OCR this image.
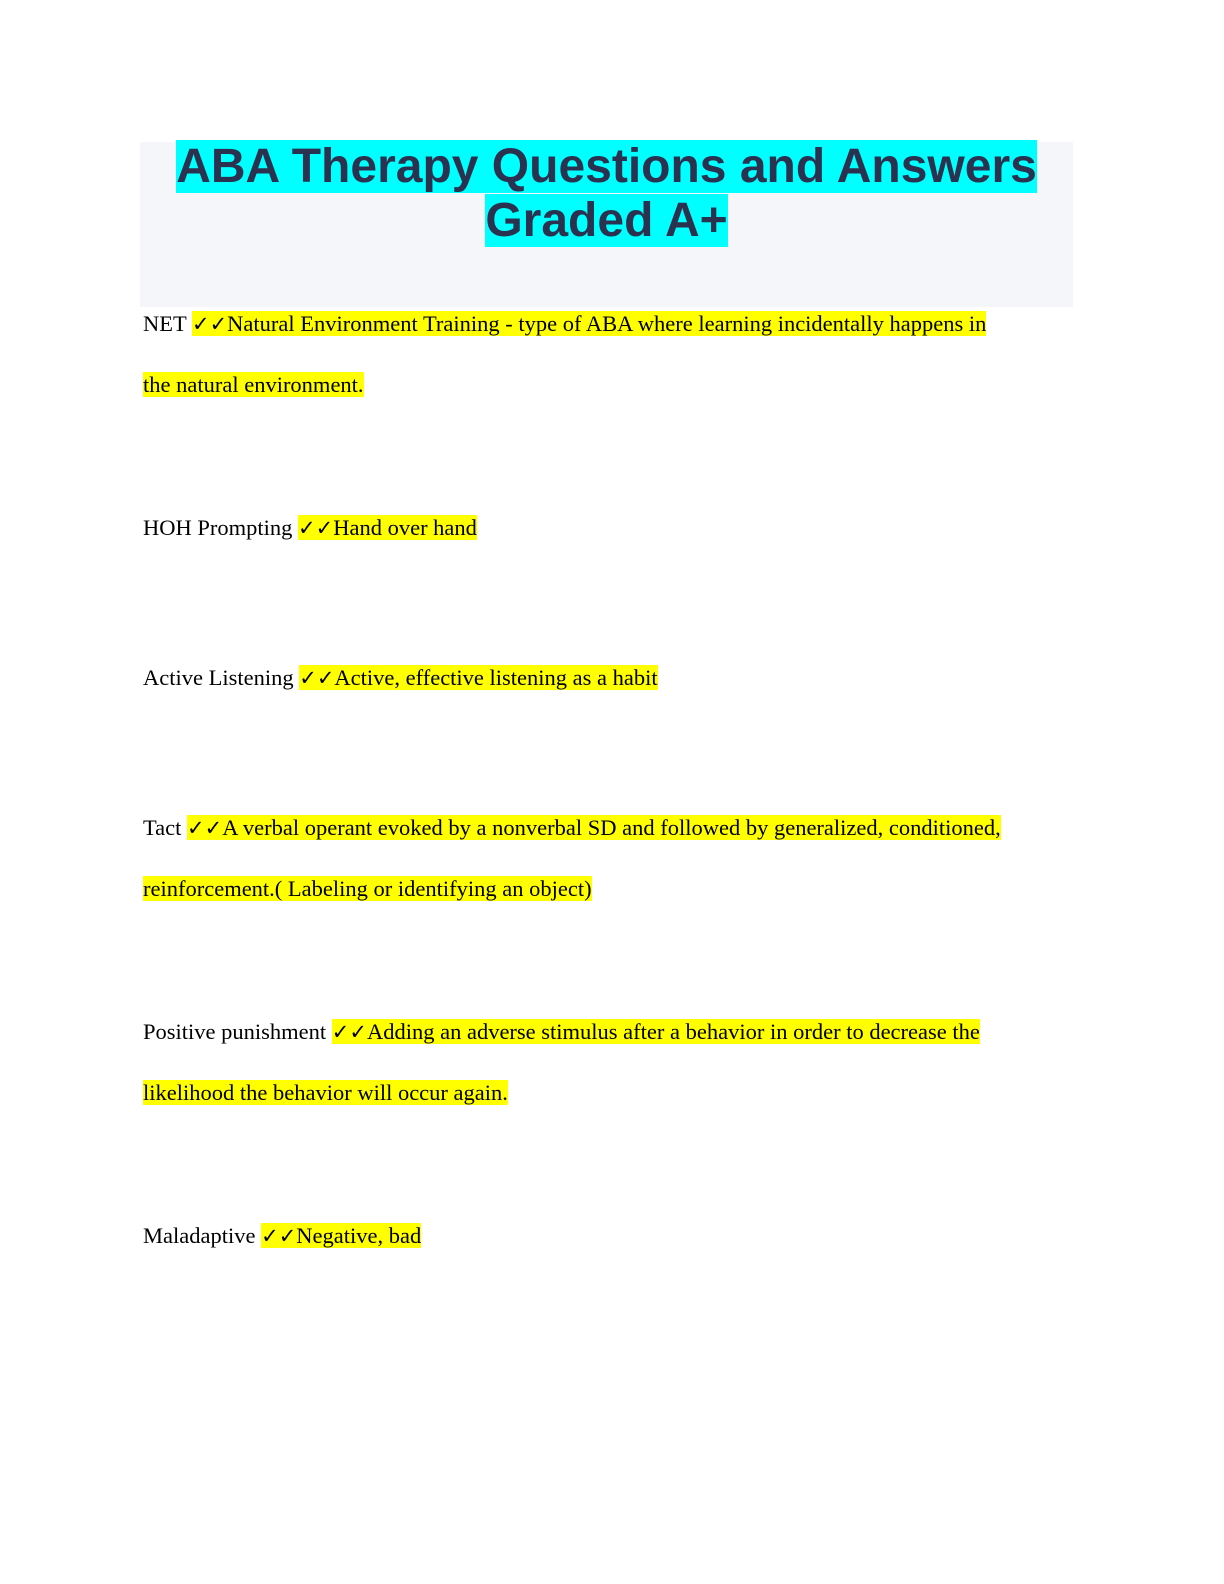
ABA Therapy Questions and Answers
Graded A+
NET ✓✓Natural Environment Training - type of ABA where learning incidentally happens in
the natural environment.
HOH Prompting ✓✓Hand over hand
Active Listening ✓✓Active, effective listening as a habit
Tact ✓✓A verbal operant evoked by a nonverbal SD and followed by generalized, conditioned,
reinforcement.( Labeling or identifying an object)
Positive punishment ✓✓Adding an adverse stimulus after a behavior in order to decrease the
likelihood the behavior will occur again.
Maladaptive ✓✓Negative, bad
